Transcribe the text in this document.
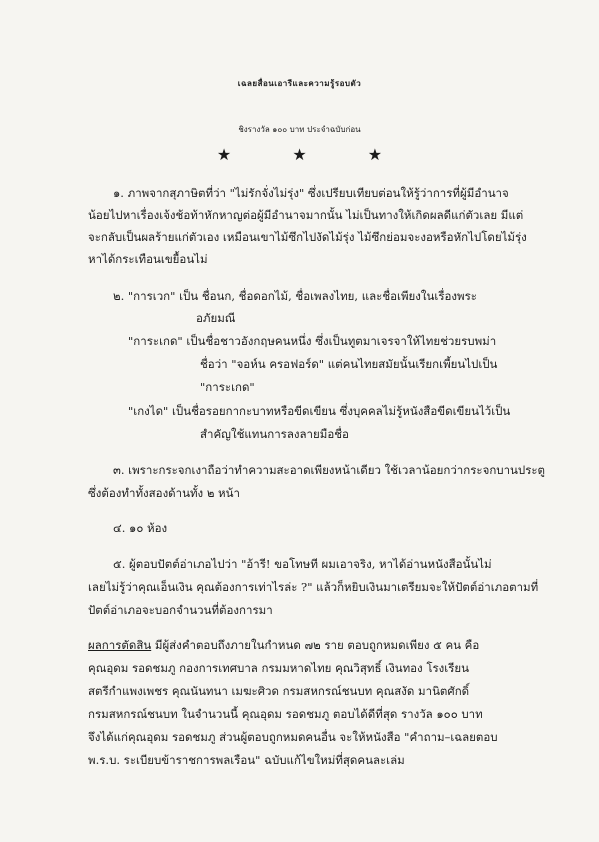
เฉลยสื่อนเอารีและความรู้รอบตัว
ชิงรางวัล ๑๐๐ บาท ประจำฉบับก่อน
★	★	★
๑. ภาพจากสุภาษิตที่ว่า "ไม่รักจั่งไม่รุ่ง" ซึ่งเปรียบเทียบต่อนให้รู้ว่าการที่ผู้มีอำนาจ
น้อยไปหาเรื่องเจ้งช้อท้าหักหาญต่อผู้มีอำนาจมากนั้น ไม่เป็นทางให้เกิดผลดีแก่ตัวเลย มีแต่
จะกลับเป็นผลร้ายแก่ตัวเอง เหมือนเขาไม้ซึกไปงัดไม้รุ่ง ไม้ซึกย่อมจะงอหรือหักไปโดยไม้รุ่ง
หาได้กระเทือนเขยื้อนไม่
๒. "การเวก" เป็น ชื่อนก, ชื่อดอกไม้, ชื่อเพลงไทย, และชื่อเพียงในเรื่องพระ
อภัยมณี
"การะเกด" เป็นชื่อชาวอังกฤษคนหนึ่ง ซึ่งเป็นทูตมาเจรจาให้ไทยช่วยรบพม่า
ชื่อว่า "จอห์น ครอฟอร์ด" แต่คนไทยสมัยนั้นเรียกเพี้ยนไปเป็น
"การะเกด"
"เกงได" เป็นชื่อรอยกากะบาทหรือขีดเขียน ซึ่งบุคคลไม่รู้หนังสือขีดเขียนไว้เป็น
สำคัญใช้แทนการลงลายมือชื่อ
๓. เพราะกระจกเงาถือว่าทำความสะอาดเพียงหน้าเดียว ใช้เวลาน้อยกว่ากระจกบานประตู
ซึ่งต้องทำทั้งสองด้านทั้ง ๒ หน้า
๔. ๑๐ ห้อง
๕. ผู้ตอบปัตต์อ่าเภอไปว่า "อ้ารี! ขอโทษที ผมเอาจริง, หาได้อ่านหนังสือนั้นไม่
เลยไม่รู้ว่าคุณเอ็นเงิน คุณต้องการเท่าไรล่ะ ?" แล้วก็หยิบเงินมาเตรียมจะให้ปัตต์อ่าเภอตามที่
ปัตต์อ่าเภอจะบอกจำนวนที่ต้องการมา
ผลการตัดสิน มีผู้ส่งคำตอบถึงภายในกำหนด ๗๒ ราย ตอบถูกหมดเพียง ๕ คน คือ
คุณอุดม รอดชมภู กองการเทศบาล กรมมหาดไทย คุณวิสุทธิ์ เงินทอง โรงเรียน
สตรีกำแพงเพชร คุณนันทนา เมฆะศิวด กรมสหกรณ์ชนบท คุณสงัด มานิตศักดิ์
กรมสหกรณ์ชนบท ในจำนวนนี้ คุณอุดม รอดชมภู ตอบได้ดีที่สุด รางวัล ๑๐๐ บาท
จึงได้แก่คุณอุดม รอดชมภู ส่วนผู้ตอบถูกหมดคนอื่น จะให้หนังสือ "คำถาม–เฉลยตอบ
พ.ร.บ. ระเบียบข้าราชการพลเรือน" ฉบับแก้ไขใหม่ที่สุดคนละเล่ม
